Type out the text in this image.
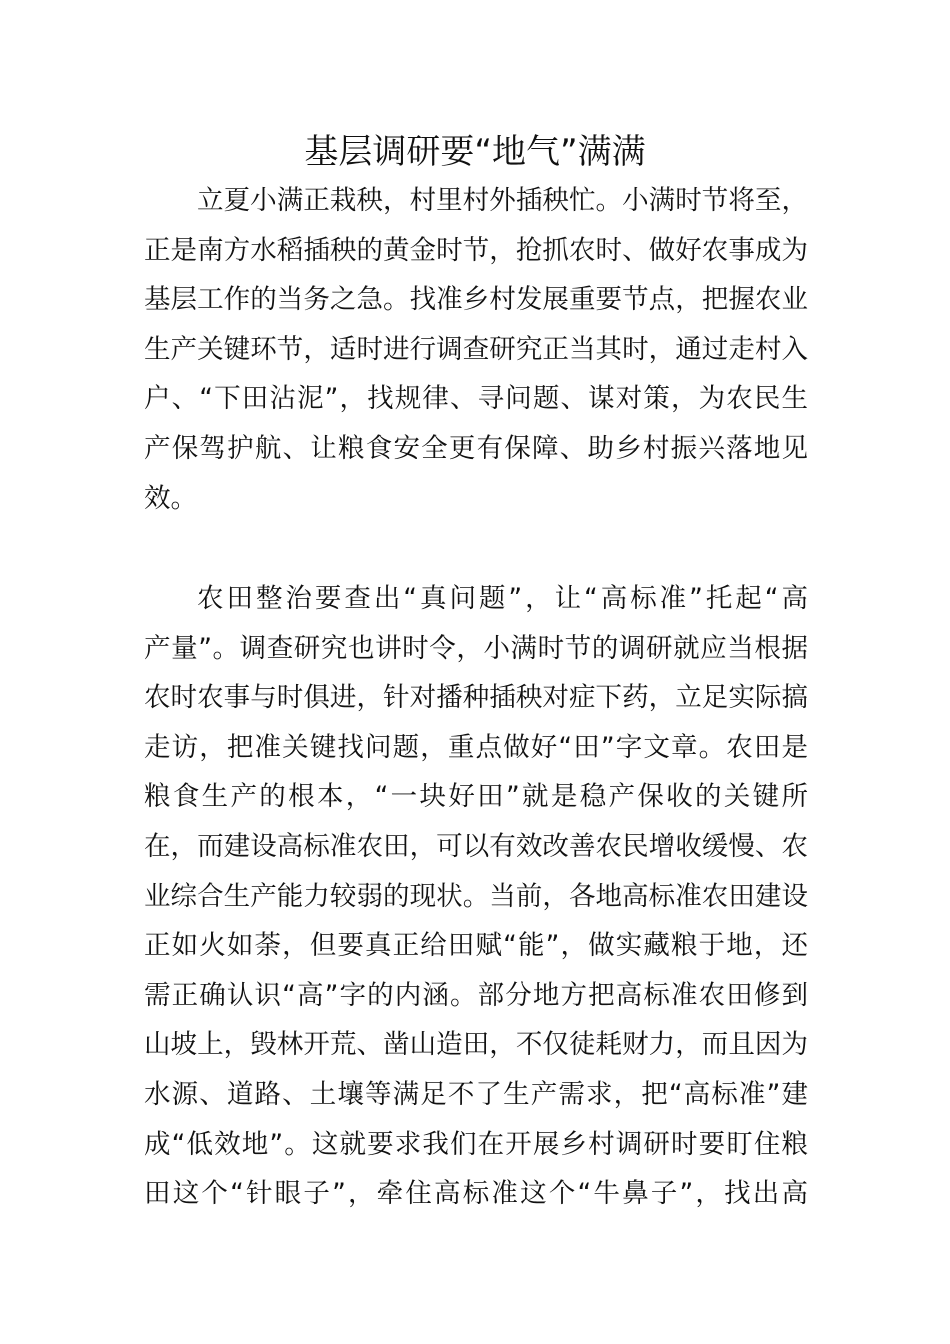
基层调研要“地气”满满
立夏小满正栽秧，村里村外插秧忙。小满时节将至，
正是南方水稻插秧的黄金时节，抢抓农时、做好农事成为
基层工作的当务之急。找准乡村发展重要节点，把握农业
生产关键环节，适时进行调查研究正当其时，通过走村入
户、“下田沾泥”，找规律、寻问题、谋对策，为农民生
产保驾护航、让粮食安全更有保障、助乡村振兴落地见
效。
农田整治要查出“真问题”，让“高标准”托起“高
产量”。调查研究也讲时令，小满时节的调研就应当根据
农时农事与时俱进，针对播种插秧对症下药，立足实际搞
走访，把准关键找问题，重点做好“田”字文章。农田是
粮食生产的根本，“一块好田”就是稳产保收的关键所
在，而建设高标准农田，可以有效改善农民增收缓慢、农
业综合生产能力较弱的现状。当前，各地高标准农田建设
正如火如荼，但要真正给田赋“能”，做实藏粮于地，还
需正确认识“高”字的内涵。部分地方把高标准农田修到
山坡上，毁林开荒、凿山造田，不仅徒耗财力，而且因为
水源、道路、土壤等满足不了生产需求，把“高标准”建
成“低效地”。这就要求我们在开展乡村调研时要盯住粮
田这个“针眼子”，牵住高标准这个“牛鼻子”，找出高
